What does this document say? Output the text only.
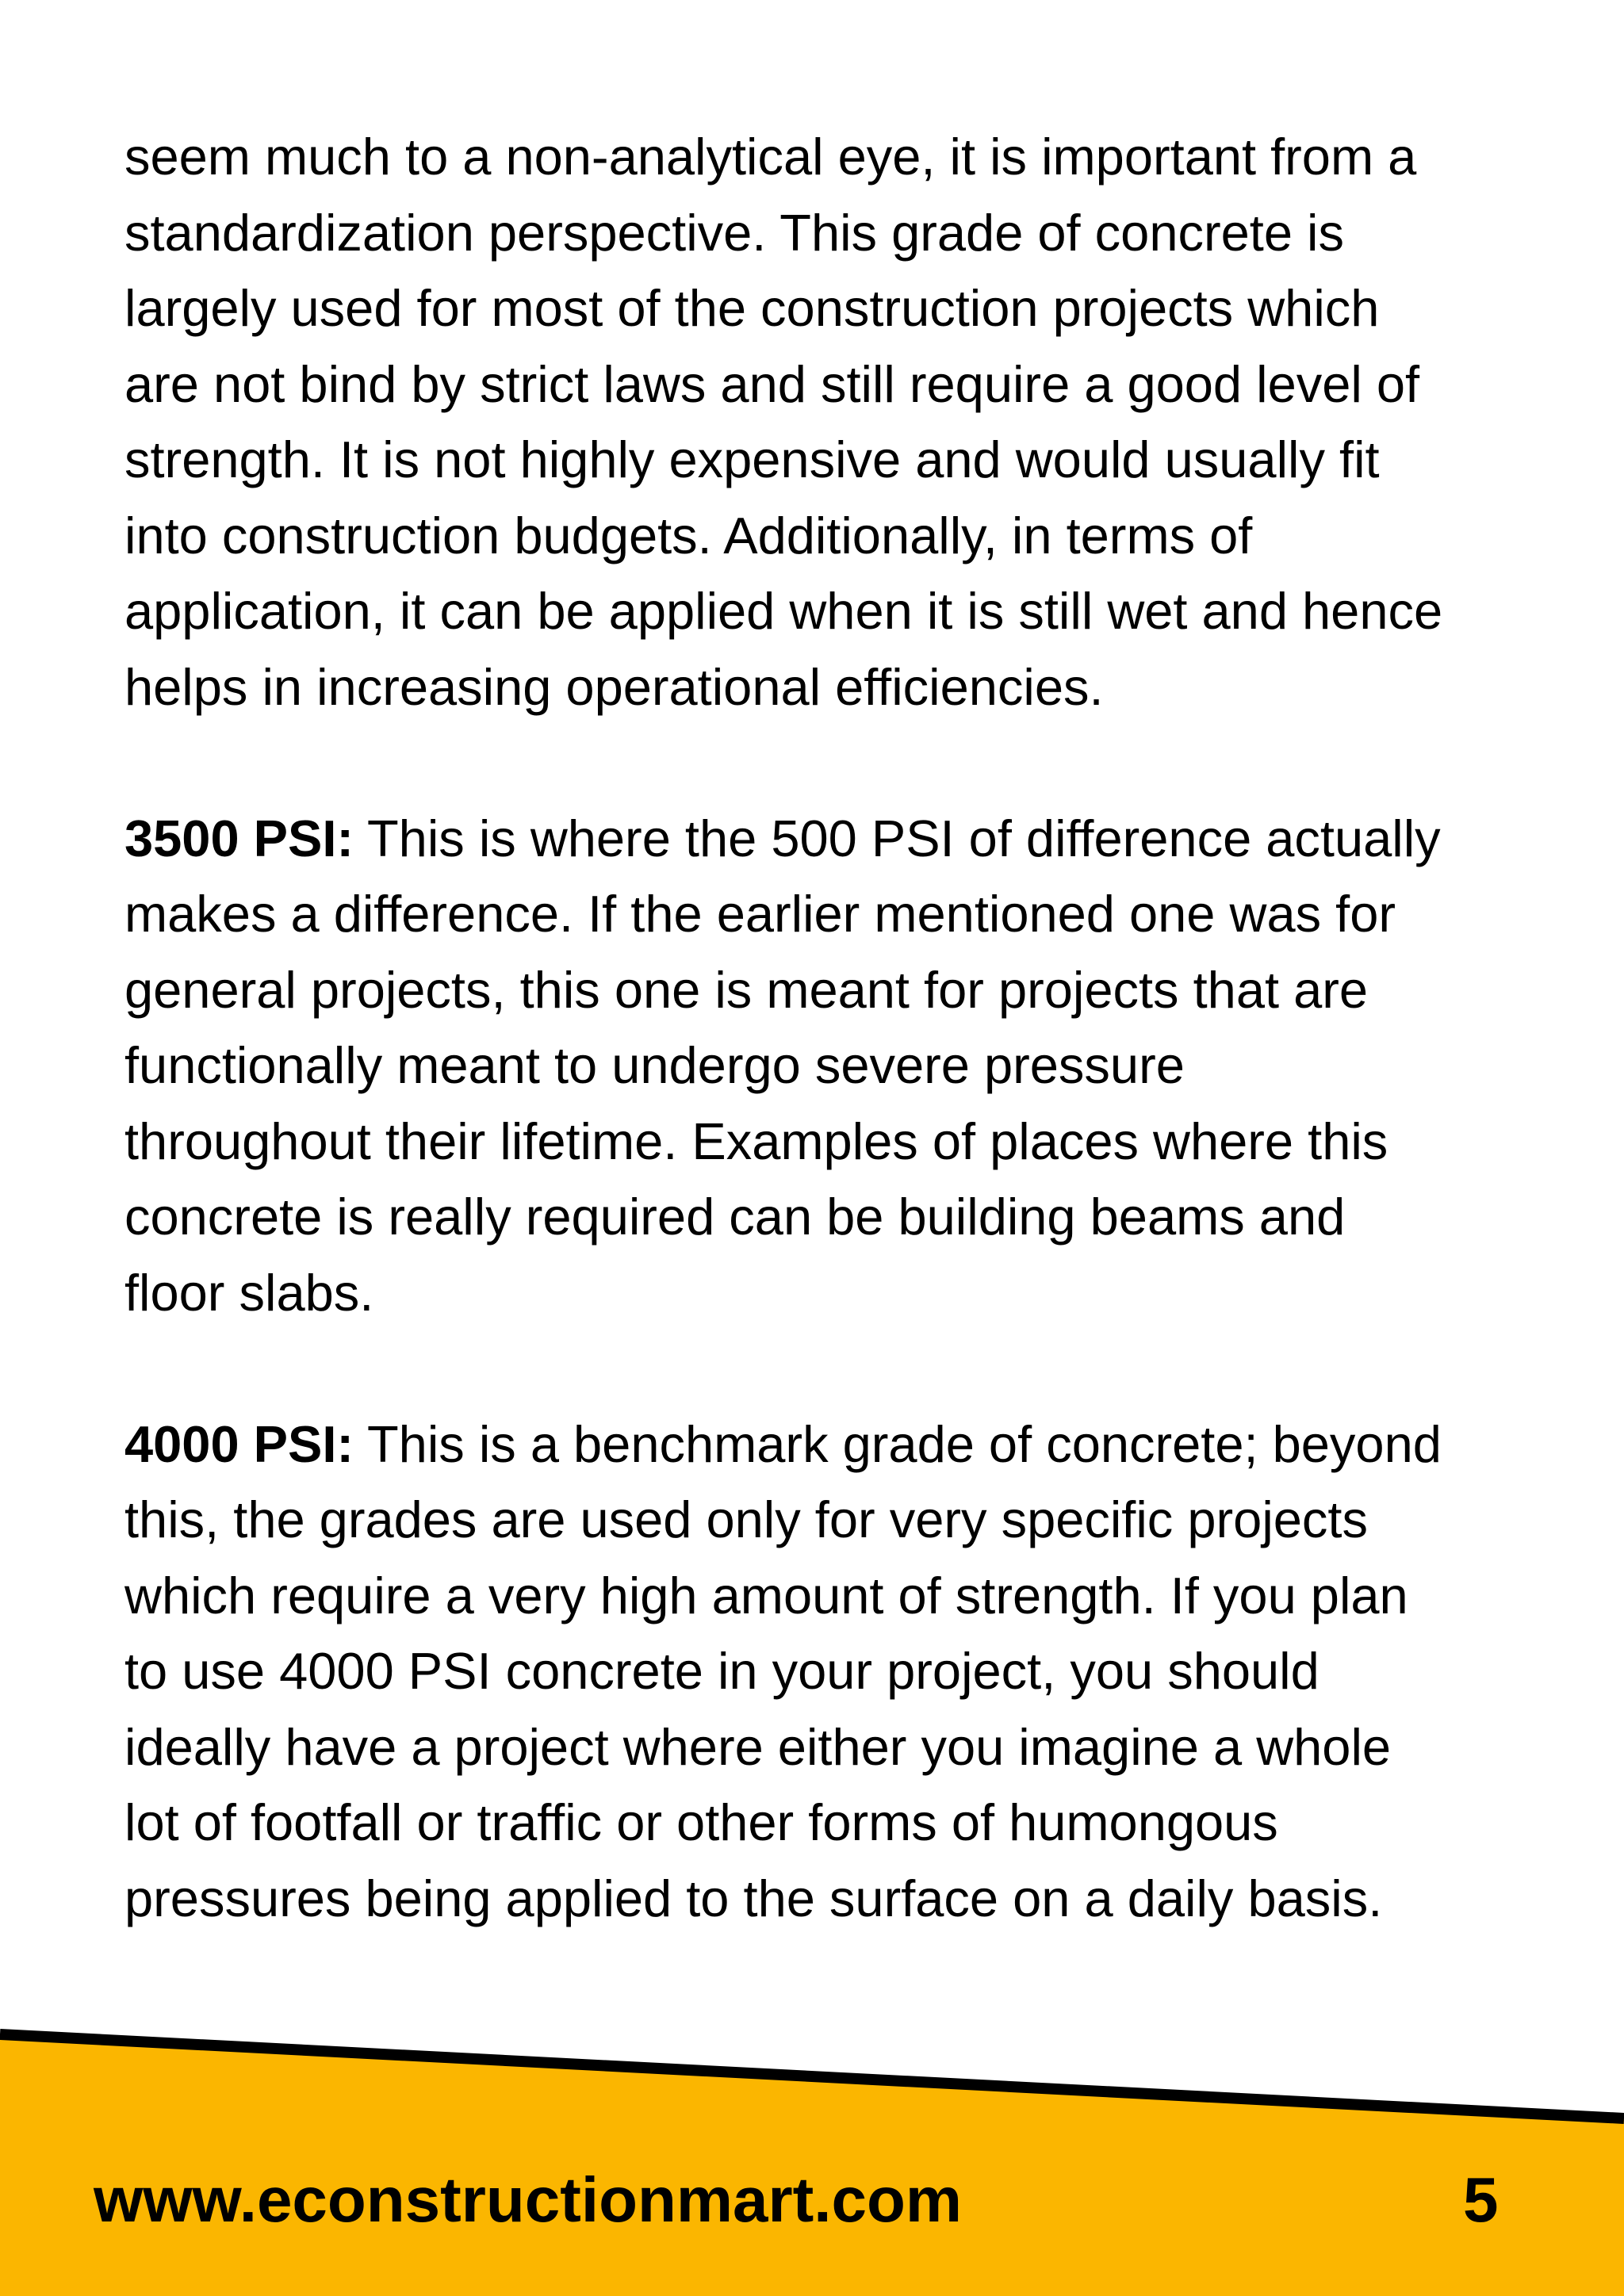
seem much to a non-analytical eye, it is important from a
standardization perspective. This grade of concrete is
largely used for most of the construction projects which
are not bind by strict laws and still require a good level of
strength. It is not highly expensive and would usually fit
into construction budgets. Additionally, in terms of
application, it can be applied when it is still wet and hence
helps in increasing operational efficiencies.

3500 PSI: This is where the 500 PSI of difference actually
makes a difference. If the earlier mentioned one was for
general projects, this one is meant for projects that are
functionally meant to undergo severe pressure
throughout their lifetime. Examples of places where this
concrete is really required can be building beams and
floor slabs.

4000 PSI: This is a benchmark grade of concrete; beyond
this, the grades are used only for very specific projects
which require a very high amount of strength. If you plan
to use 4000 PSI concrete in your project, you should
ideally have a project where either you imagine a whole
lot of footfall or traffic or other forms of humongous
pressures being applied to the surface on a daily basis.

www.econstructionmart.com	5
